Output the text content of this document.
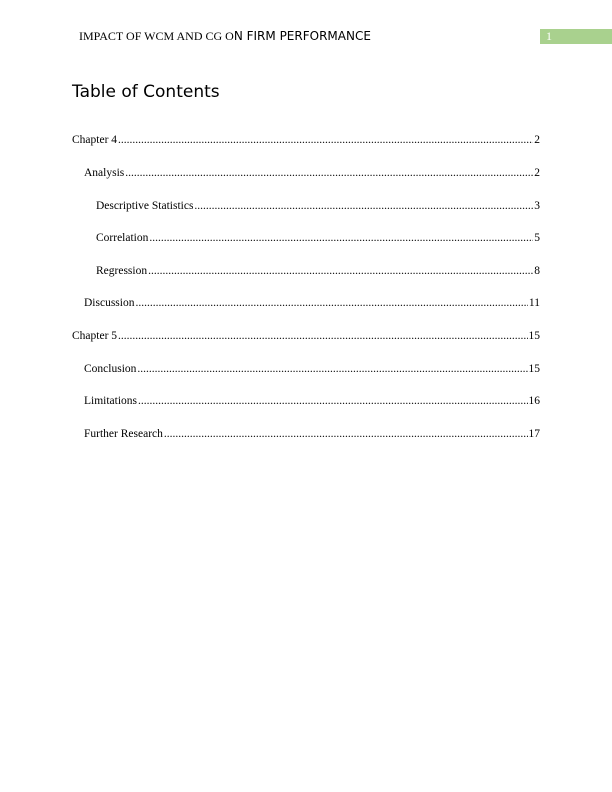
IMPACT OF WCM AND CG ON FIRM PERFORMANCE	1
Table of Contents
Chapter 4 .....	2
Analysis .....	2
Descriptive Statistics .....	3
Correlation .....	5
Regression .....	8
Discussion .....	11
Chapter 5 .....	15
Conclusion .....	15
Limitations .....	16
Further Research .....	17
